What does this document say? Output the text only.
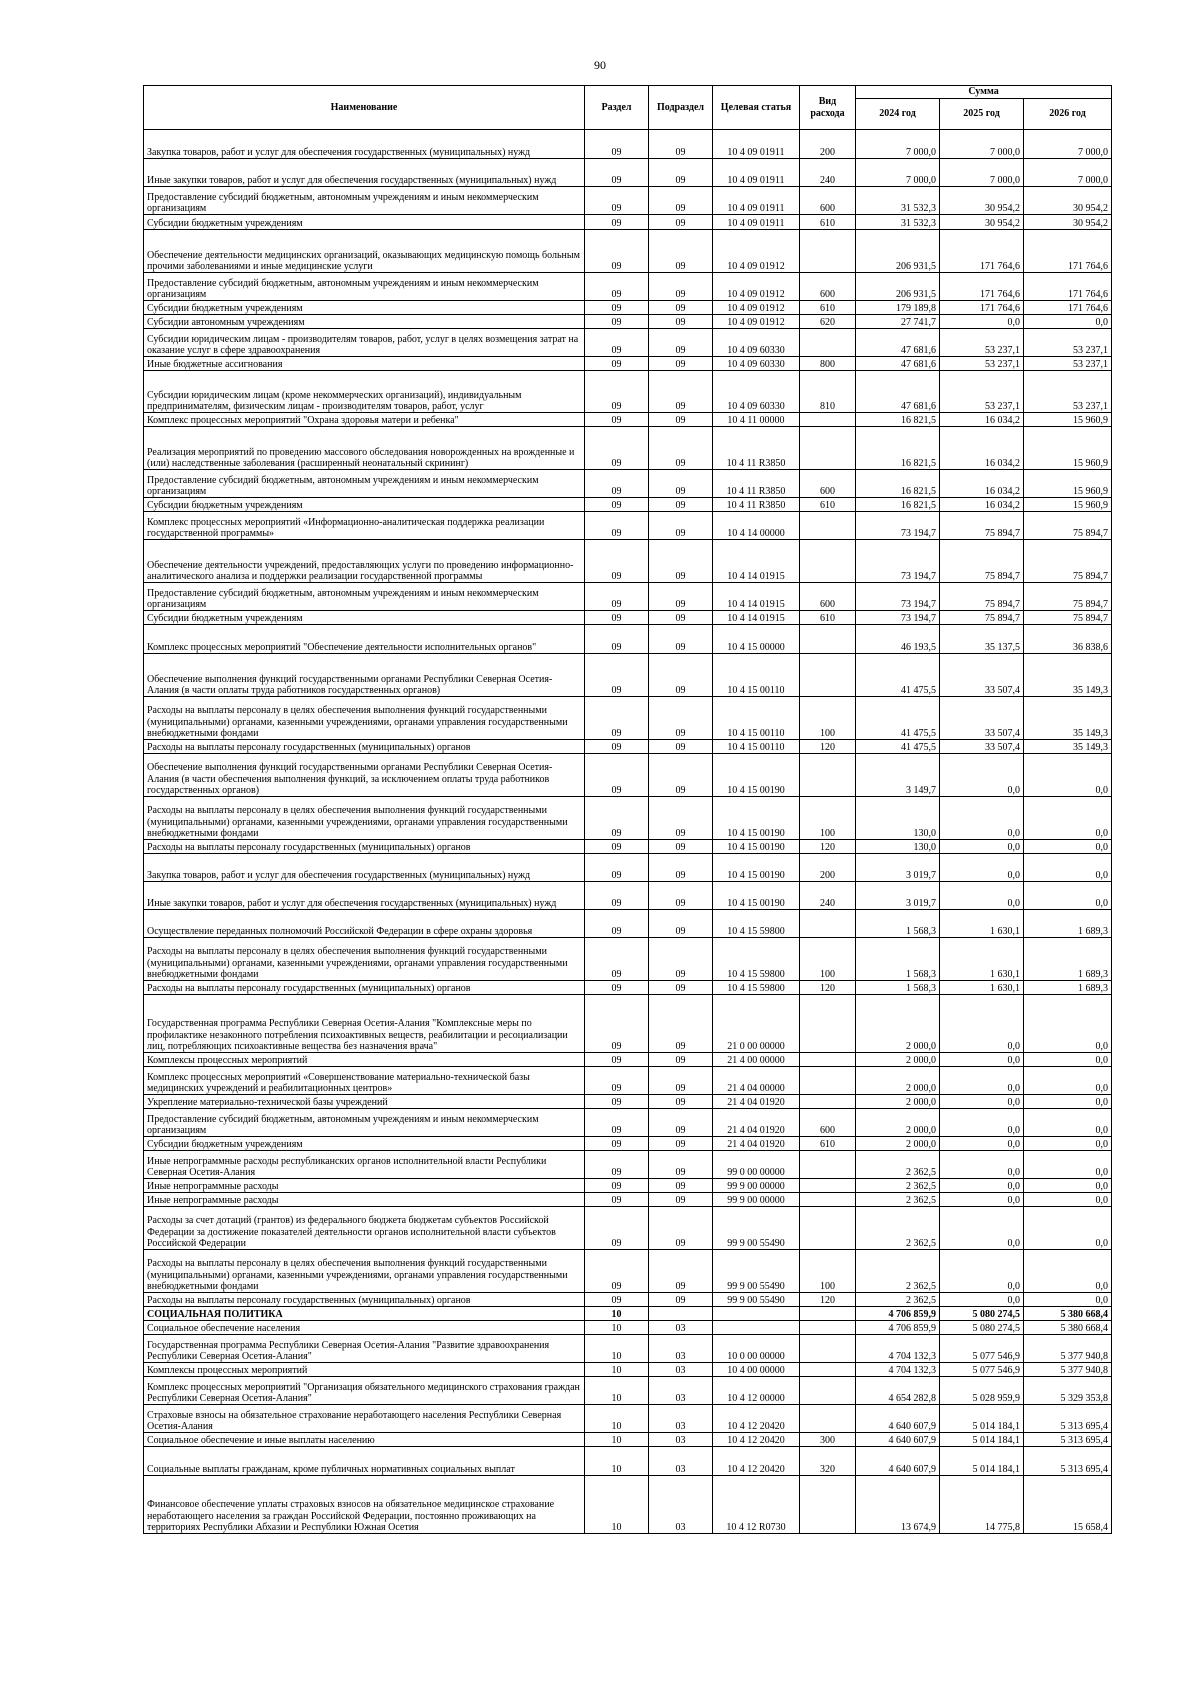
90
Наименование	Раздел	Подраздел	Целевая статья	Вид расхода	Сумма		
					2024 год	2025 год	2026 год
Закупка товаров, работ и услуг для обеспечения государственных (муниципальных) нужд	09	09	10 4 09 01911	200	7 000,0	7 000,0	7 000,0
Иные закупки товаров, работ и услуг для обеспечения государственных (муниципальных) нужд	09	09	10 4 09 01911	240	7 000,0	7 000,0	7 000,0
Предоставление субсидий бюджетным, автономным учреждениям и иным некоммерческим организациям	09	09	10 4 09 01911	600	31 532,3	30 954,2	30 954,2
Субсидии бюджетным учреждениям	09	09	10 4 09 01911	610	31 532,3	30 954,2	30 954,2
Обеспечение деятельности медицинских организаций, оказывающих медицинскую помощь больным прочими заболеваниями и иные медицинские услуги	09	09	10 4 09 01912		206 931,5	171 764,6	171 764,6
Предоставление субсидий бюджетным, автономным учреждениям и иным некоммерческим организациям	09	09	10 4 09 01912	600	206 931,5	171 764,6	171 764,6
Субсидии бюджетным учреждениям	09	09	10 4 09 01912	610	179 189,8	171 764,6	171 764,6
Субсидии автономным учреждениям	09	09	10 4 09 01912	620	27 741,7	0,0	0,0
Субсидии юридическим лицам - производителям товаров, работ, услуг в целях возмещения затрат на оказание услуг в сфере здравоохранения	09	09	10 4 09 60330		47 681,6	53 237,1	53 237,1
Иные бюджетные ассигнования	09	09	10 4 09 60330	800	47 681,6	53 237,1	53 237,1
Субсидии юридическим лицам (кроме некоммерческих организаций), индивидуальным предпринимателям, физическим лицам - производителям товаров, работ, услуг	09	09	10 4 09 60330	810	47 681,6	53 237,1	53 237,1
Комплекс процессных мероприятий "Охрана здоровья матери и ребенка"	09	09	10 4 11 00000		16 821,5	16 034,2	15 960,9
Реализация мероприятий по проведению массового обследования новорожденных на врожденные и (или) наследственные заболевания (расширенный неонатальный скрининг)	09	09	10 4 11 R3850		16 821,5	16 034,2	15 960,9
Предоставление субсидий бюджетным, автономным учреждениям и иным некоммерческим организациям	09	09	10 4 11 R3850	600	16 821,5	16 034,2	15 960,9
Субсидии бюджетным учреждениям	09	09	10 4 11 R3850	610	16 821,5	16 034,2	15 960,9
Комплекс процессных мероприятий «Информационно-аналитическая поддержка реализации государственной программы»	09	09	10 4 14 00000		73 194,7	75 894,7	75 894,7
Обеспечение деятельности учреждений, предоставляющих услуги по проведению информационно-аналитического анализа и поддержки реализации государственной программы	09	09	10 4 14 01915		73 194,7	75 894,7	75 894,7
Предоставление субсидий бюджетным, автономным учреждениям и иным некоммерческим организациям	09	09	10 4 14 01915	600	73 194,7	75 894,7	75 894,7
Субсидии бюджетным учреждениям	09	09	10 4 14 01915	610	73 194,7	75 894,7	75 894,7
Комплекс процессных мероприятий "Обеспечение деятельности исполнительных органов"	09	09	10 4 15 00000		46 193,5	35 137,5	36 838,6
Обеспечение выполнения функций государственными органами Республики Северная Осетия-Алания (в части оплаты труда работников государственных органов)	09	09	10 4 15 00110		41 475,5	33 507,4	35 149,3
Расходы на выплаты персоналу в целях обеспечения выполнения функций государственными (муниципальными) органами, казенными учреждениями, органами управления государственными внебюджетными фондами	09	09	10 4 15 00110	100	41 475,5	33 507,4	35 149,3
Расходы на выплаты персоналу государственных (муниципальных) органов	09	09	10 4 15 00110	120	41 475,5	33 507,4	35 149,3
Обеспечение выполнения функций государственными органами Республики Северная Осетия-Алания (в части обеспечения выполнения функций, за исключением оплаты труда работников государственных органов)	09	09	10 4 15 00190		3 149,7	0,0	0,0
Расходы на выплаты персоналу в целях обеспечения выполнения функций государственными (муниципальными) органами, казенными учреждениями, органами управления государственными внебюджетными фондами	09	09	10 4 15 00190	100	130,0	0,0	0,0
Расходы на выплаты персоналу государственных (муниципальных) органов	09	09	10 4 15 00190	120	130,0	0,0	0,0
Закупка товаров, работ и услуг для обеспечения государственных (муниципальных) нужд	09	09	10 4 15 00190	200	3 019,7	0,0	0,0
Иные закупки товаров, работ и услуг для обеспечения государственных (муниципальных) нужд	09	09	10 4 15 00190	240	3 019,7	0,0	0,0
Осуществление переданных полномочий Российской Федерации в сфере охраны здоровья	09	09	10 4 15 59800		1 568,3	1 630,1	1 689,3
Расходы на выплаты персоналу в целях обеспечения выполнения функций государственными (муниципальными) органами, казенными учреждениями, органами управления государственными внебюджетными фондами	09	09	10 4 15 59800	100	1 568,3	1 630,1	1 689,3
Расходы на выплаты персоналу государственных (муниципальных) органов	09	09	10 4 15 59800	120	1 568,3	1 630,1	1 689,3
Государственная программа Республики Северная Осетия-Алания "Комплексные меры по профилактике незаконного потребления психоактивных веществ, реабилитации и ресоциализации лиц, потребляющих психоактивные вещества без назначения врача"	09	09	21 0 00 00000		2 000,0	0,0	0,0
Комплексы процессных мероприятий	09	09	21 4 00 00000		2 000,0	0,0	0,0
Комплекс процессных мероприятий «Совершенствование материально-технической базы медицинских учреждений и реабилитационных центров»	09	09	21 4 04 00000		2 000,0	0,0	0,0
Укрепление материально-технической базы учреждений	09	09	21 4 04 01920		2 000,0	0,0	0,0
Предоставление субсидий бюджетным, автономным учреждениям и иным некоммерческим организациям	09	09	21 4 04 01920	600	2 000,0	0,0	0,0
Субсидии бюджетным учреждениям	09	09	21 4 04 01920	610	2 000,0	0,0	0,0
Иные непрограммные расходы республиканских органов исполнительной власти Республики Северная Осетия-Алания	09	09	99 0 00 00000		2 362,5	0,0	0,0
Иные непрограммные расходы	09	09	99 9 00 00000		2 362,5	0,0	0,0
Иные непрограммные расходы	09	09	99 9 00 00000		2 362,5	0,0	0,0
Расходы за счет дотаций (грантов) из федерального бюджета бюджетам субъектов Российской Федерации за достижение показателей деятельности органов исполнительной власти субъектов Российской Федерации	09	09	99 9 00 55490		2 362,5	0,0	0,0
Расходы на выплаты персоналу в целях обеспечения выполнения функций государственными (муниципальными) органами, казенными учреждениями, органами управления государственными внебюджетными фондами	09	09	99 9 00 55490	100	2 362,5	0,0	0,0
Расходы на выплаты персоналу государственных (муниципальных) органов	09	09	99 9 00 55490	120	2 362,5	0,0	0,0
СОЦИАЛЬНАЯ ПОЛИТИКА	10				4 706 859,9	5 080 274,5	5 380 668,4
Социальное обеспечение населения	10	03			4 706 859,9	5 080 274,5	5 380 668,4
Государственная программа Республики Северная Осетия-Алания "Развитие здравоохранения Республики Северная Осетия-Алания"	10	03	10 0 00 00000		4 704 132,3	5 077 546,9	5 377 940,8
Комплексы процессных мероприятий	10	03	10 4 00 00000		4 704 132,3	5 077 546,9	5 377 940,8
Комплекс процессных мероприятий "Организация обязательного медицинского страхования граждан Республики Северная Осетия-Алания"	10	03	10 4 12 00000		4 654 282,8	5 028 959,9	5 329 353,8
Страховые взносы на обязательное страхование неработающего населения Республики Северная Осетия-Алания	10	03	10 4 12 20420		4 640 607,9	5 014 184,1	5 313 695,4
Социальное обеспечение и иные выплаты населению	10	03	10 4 12 20420	300	4 640 607,9	5 014 184,1	5 313 695,4
Социальные выплаты гражданам, кроме публичных нормативных социальных выплат	10	03	10 4 12 20420	320	4 640 607,9	5 014 184,1	5 313 695,4
Финансовое обеспечение уплаты страховых взносов на обязательное медицинское страхование неработающего населения за граждан Российской Федерации, постоянно проживающих на территориях Республики Абхазии и Республики Южная Осетия	10	03	10 4 12 R0730		13 674,9	14 775,8	15 658,4
